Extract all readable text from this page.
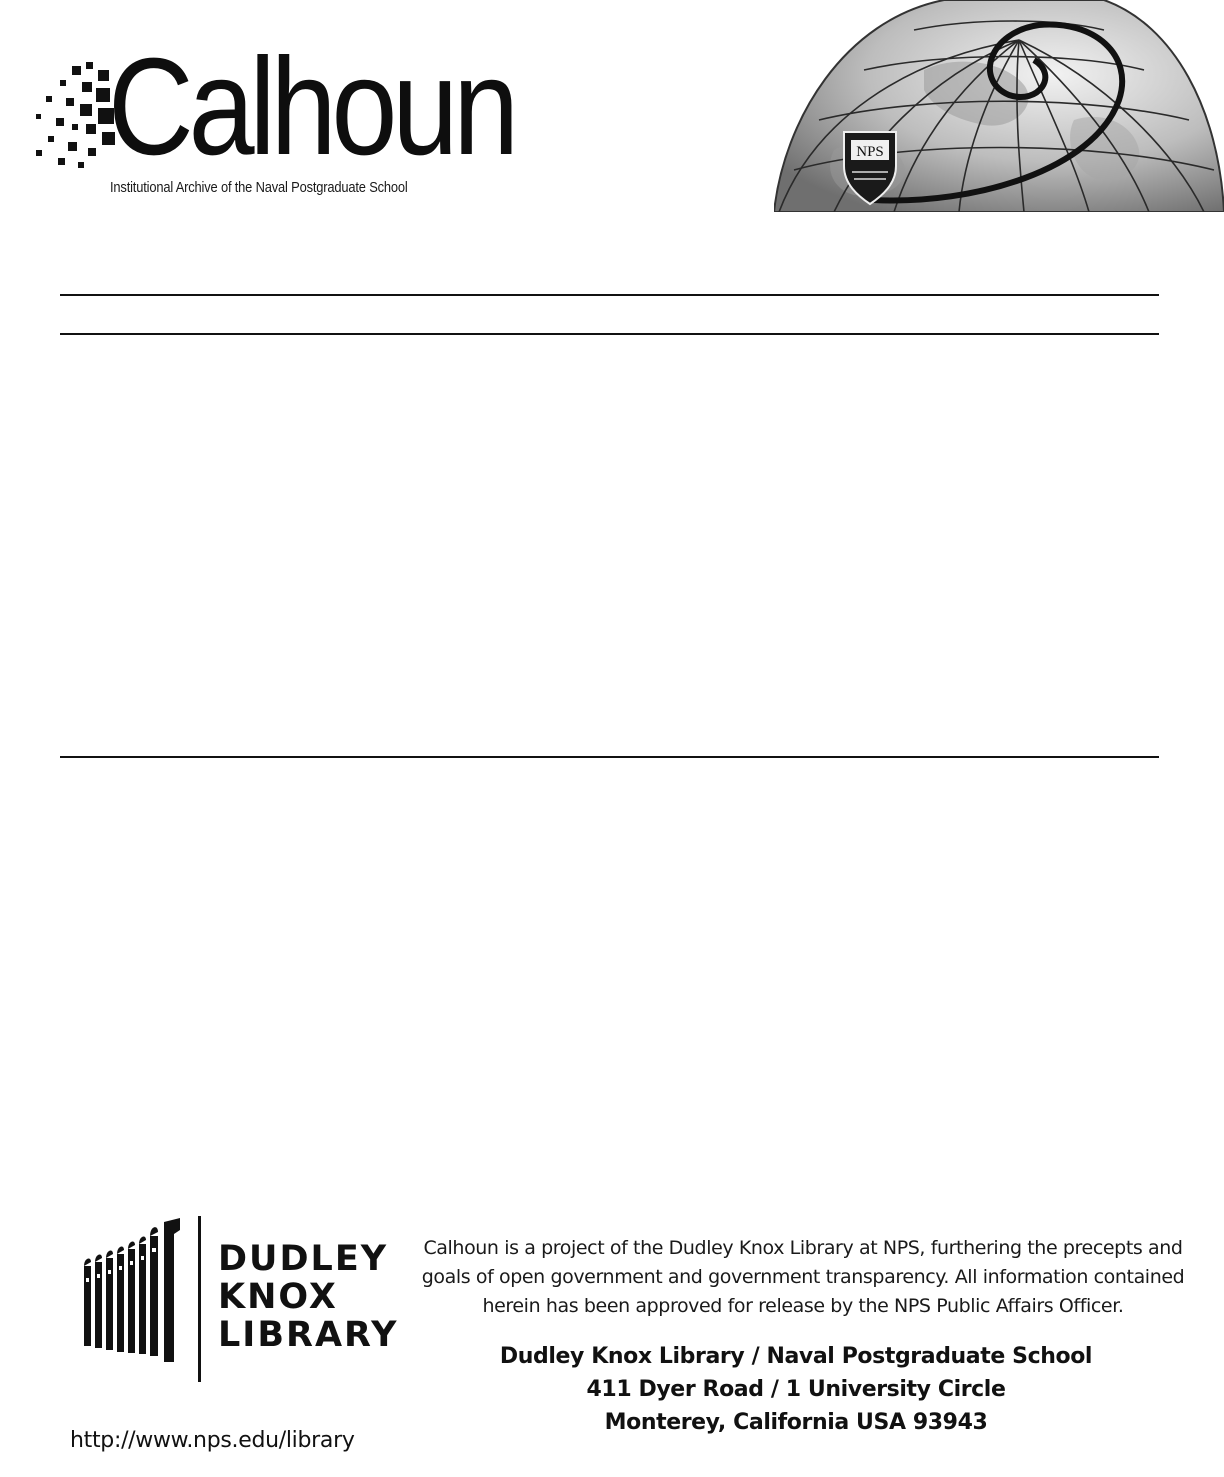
Calhoun
Institutional Archive of the Naval Postgraduate School
NPS
DUDLEY
KNOX
LIBRARY
Calhoun is a project of the Dudley Knox Library at NPS, furthering the precepts and
goals of open government and government transparency. All information contained
herein has been approved for release by the NPS Public Affairs Officer.
Dudley Knox Library / Naval Postgraduate School
411 Dyer Road / 1 University Circle
Monterey, California USA 93943
http://www.nps.edu/library
